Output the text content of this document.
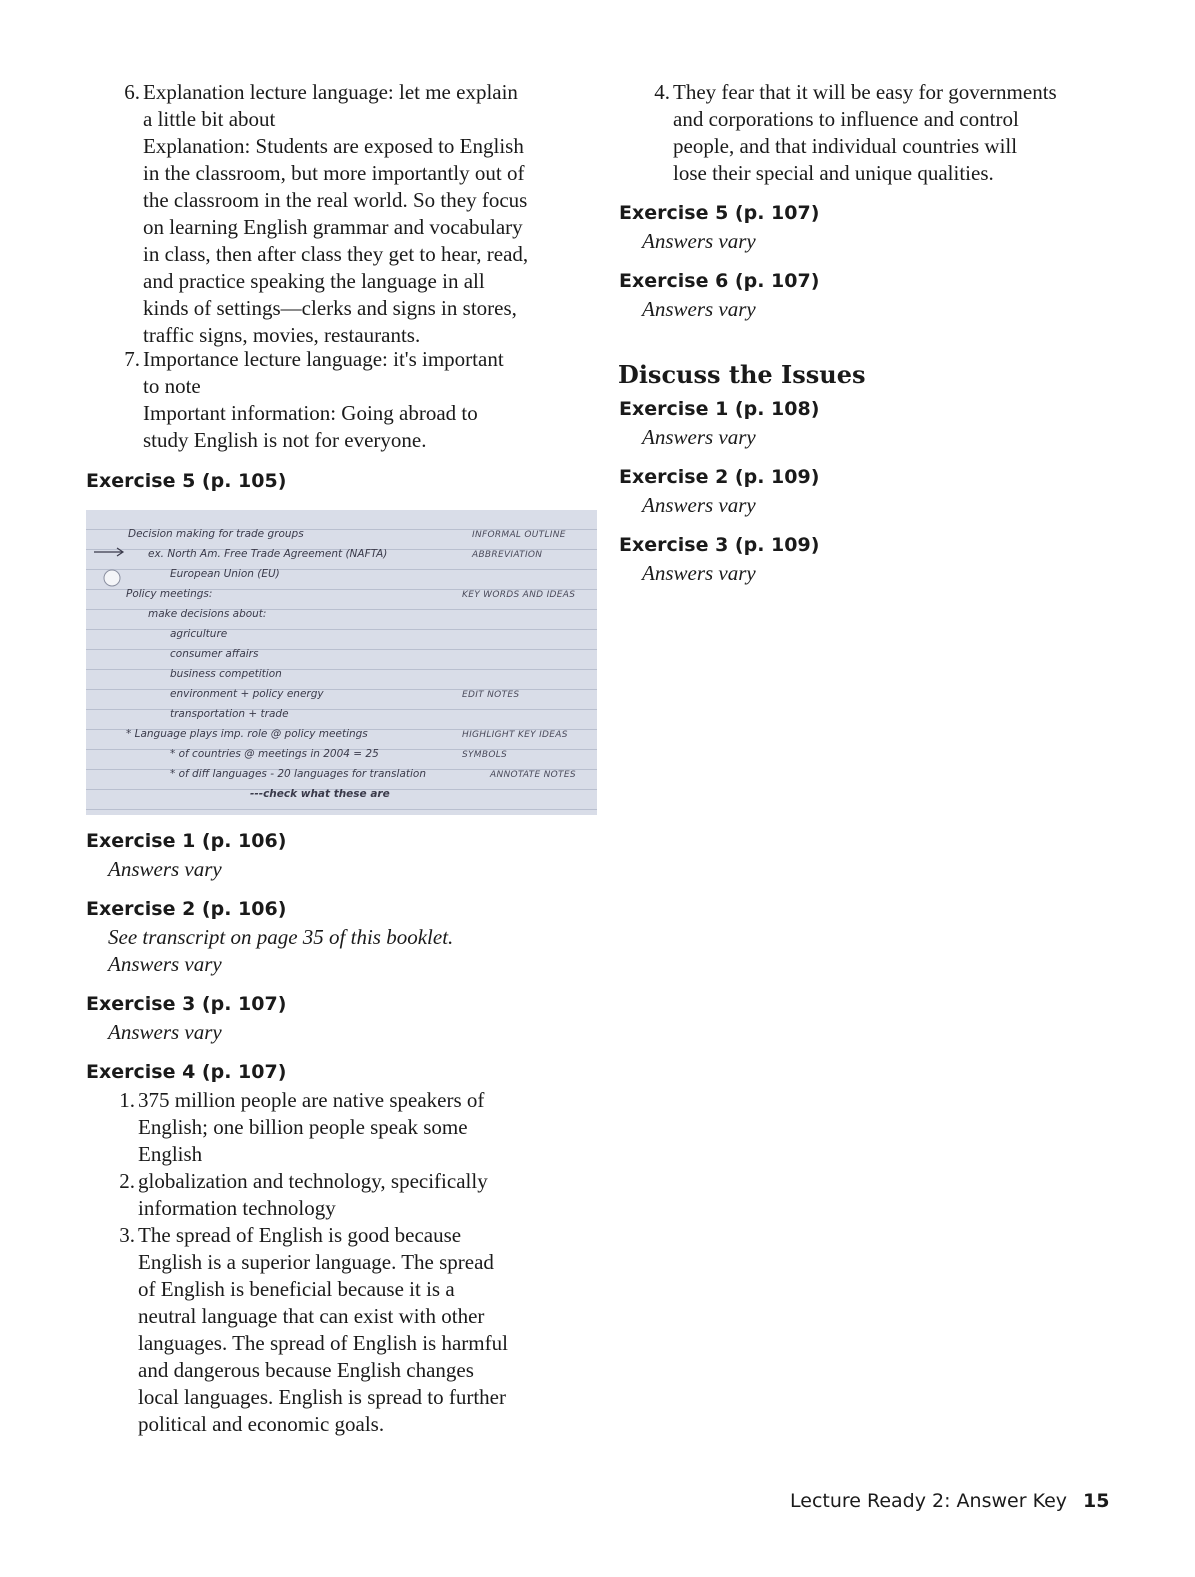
6. Explanation lecture language: let me explain
a little bit about
Explanation: Students are exposed to English
in the classroom, but more importantly out of
the classroom in the real world. So they focus
on learning English grammar and vocabulary
in class, then after class they get to hear, read,
and practice speaking the language in all
kinds of settings—clerks and signs in stores,
traffic signs, movies, restaurants.
7. Importance lecture language: it's important
to note
Important information: Going abroad to
study English is not for everyone.
Exercise 5 (p. 105)
Decision making for trade groups
ex. North Am. Free Trade Agreement (NAFTA)
European Union (EU)
Policy meetings:
make decisions about:
agriculture
consumer affairs
business competition
environment + policy energy
transportation + trade
* Language plays imp. role @ policy meetings
* of countries @ meetings in 2004 = 25
* of diff languages - 20 languages for translation
---check what these are
INFORMAL OUTLINE
ABBREVIATION
KEY WORDS AND IDEAS
EDIT NOTES
HIGHLIGHT KEY IDEAS
SYMBOLS
ANNOTATE NOTES
Exercise 1 (p. 106)
Answers vary
Exercise 2 (p. 106)
See transcript on page 35 of this booklet.
Answers vary
Exercise 3 (p. 107)
Answers vary
Exercise 4 (p. 107)
1. 375 million people are native speakers of
English; one billion people speak some
English
2. globalization and technology, specifically
information technology
3. The spread of English is good because
English is a superior language. The spread
of English is beneficial because it is a
neutral language that can exist with other
languages. The spread of English is harmful
and dangerous because English changes
local languages. English is spread to further
political and economic goals.
4. They fear that it will be easy for governments
and corporations to influence and control
people, and that individual countries will
lose their special and unique qualities.
Exercise 5 (p. 107)
Answers vary
Exercise 6 (p. 107)
Answers vary
Discuss the Issues
Exercise 1 (p. 108)
Answers vary
Exercise 2 (p. 109)
Answers vary
Exercise 3 (p. 109)
Answers vary
Lecture Ready 2: Answer Key 15
